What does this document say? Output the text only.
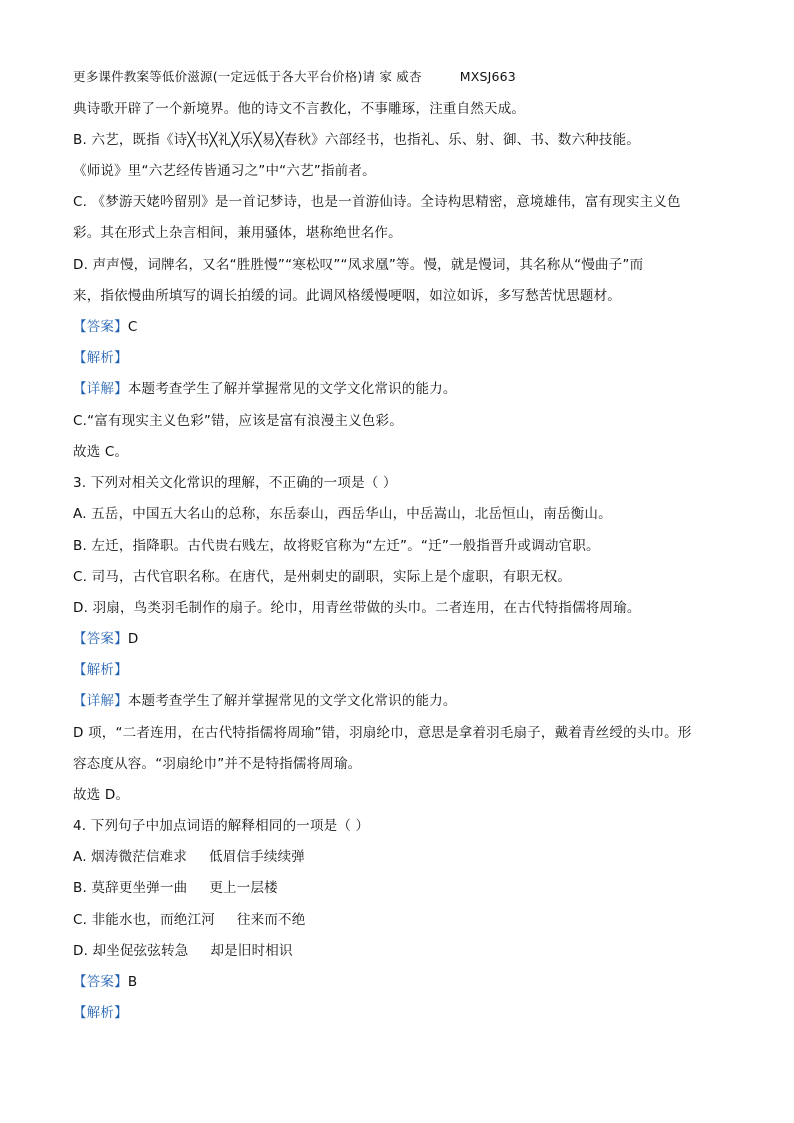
更多课件教案等低价滋源(一定远低于各大平台价格)请 家 威杏	MXSJ663
典诗歌开辟了一个新境界。他的诗文不言教化，不事雕琢，注重自然天成。
B. 六艺，既指《诗╳书╳礼╳乐╳易╳春秋》六部经书，也指礼、乐、射、御、书、数六种技能。
《师说》里“六艺经传皆通习之”中“六艺”指前者。
C. 《梦游天姥吟留别》是一首记梦诗，也是一首游仙诗。全诗构思精密，意境雄伟，富有现实主义色
彩。其在形式上杂言相间，兼用骚体，堪称绝世名作。
D. 声声慢，词牌名，又名“胜胜慢”“寒松叹”“凤求凰”等。慢，就是慢词，其名称从“慢曲子”而
来，指依慢曲所填写的调长拍缓的词。此调风格缓慢哽咽，如泣如诉，多写愁苦忧思题材。
【答案】C
【解析】
【详解】本题考查学生了解并掌握常见的文学文化常识的能力。
C.“富有现实主义色彩”错，应该是富有浪漫主义色彩。
故选 C。
3. 下列对相关文化常识的理解，不正确的一项是（ ）
A. 五岳，中国五大名山的总称，东岳泰山，西岳华山，中岳嵩山，北岳恒山，南岳衡山。
B. 左迁，指降职。古代贵右贱左，故将贬官称为“左迁”。“迁”一般指晋升或调动官职。
C. 司马，古代官职名称。在唐代，是州刺史的副职，实际上是个虚职，有职无权。
D. 羽扇，鸟类羽毛制作的扇子。纶巾，用青丝带做的头巾。二者连用，在古代特指儒将周瑜。
【答案】D
【解析】
【详解】本题考查学生了解并掌握常见的文学文化常识的能力。
D 项，“二者连用，在古代特指儒将周瑜”错，羽扇纶巾，意思是拿着羽毛扇子，戴着青丝绶的头巾。形
容态度从容。“羽扇纶巾”并不是特指儒将周瑜。
故选 D。
4. 下列句子中加点词语的解释相同的一项是（ ）
A. 烟涛微茫信难求 低眉信手续续弹
B. 莫辞更坐弹一曲 更上一层楼
C. 非能水也，而绝江河 往来而不绝
D. 却坐促弦弦转急 却是旧时相识
【答案】B
【解析】
